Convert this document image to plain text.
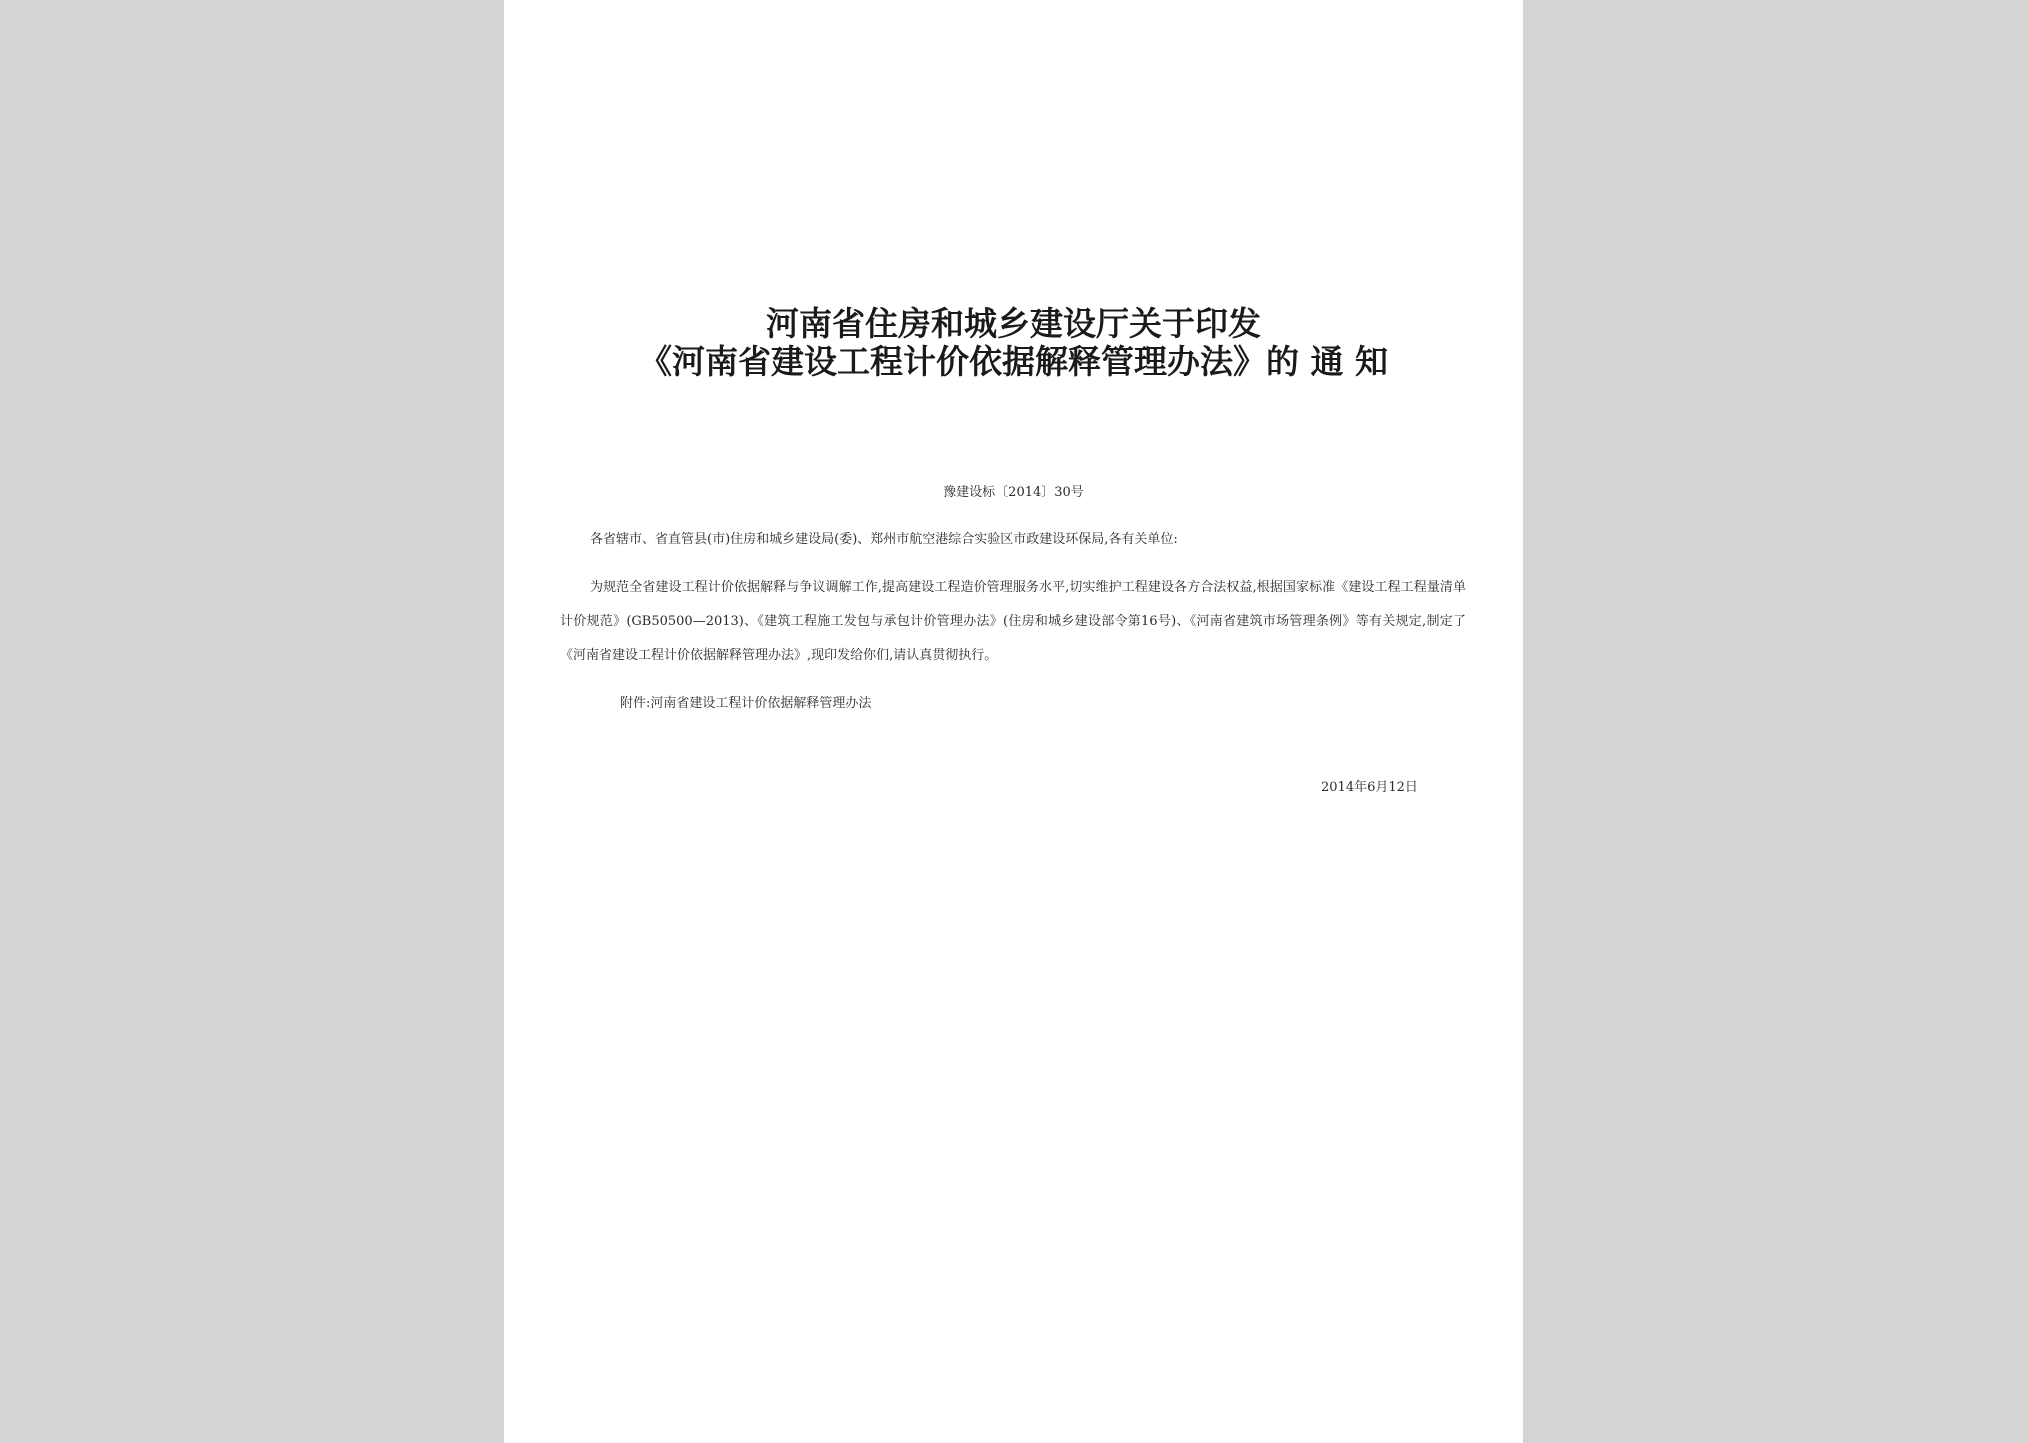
河南省住房和城乡建设厅关于印发
《河南省建设工程计价依据解释管理办法》的 通 知
豫建设标〔2014〕30号
各省辖市、省直管县(市)住房和城乡建设局(委)、郑州市航空港综合实验区市政建设环保局,各有关单位:
为规范全省建设工程计价依据解释与争议调解工作,提高建设工程造价管理服务水平,切实维护工程建设各方合法权益,根据国家标准《建设工程工程量清单计价规范》(GB50500—2013)、《建筑工程施工发包与承包计价管理办法》(住房和城乡建设部令第16号)、《河南省建筑市场管理条例》等有关规定,制定了《河南省建设工程计价依据解释管理办法》,现印发给你们,请认真贯彻执行。
附件:河南省建设工程计价依据解释管理办法
2014年6月12日
